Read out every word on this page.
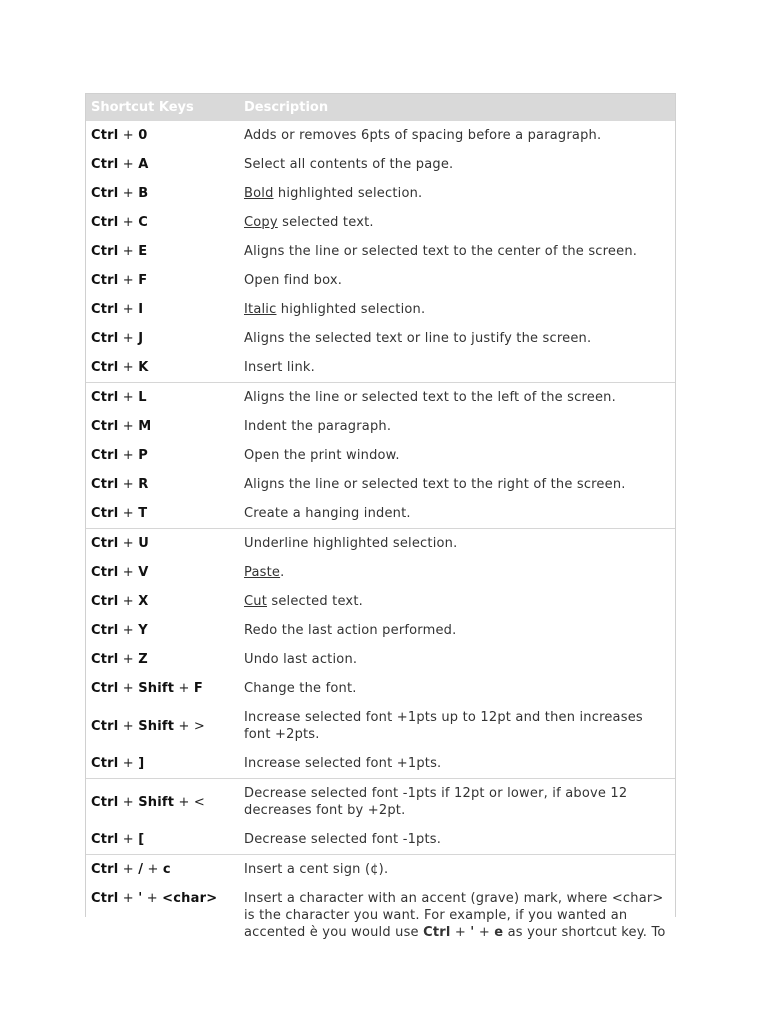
Shortcut Keys	Description
Ctrl + 0	Adds or removes 6pts of spacing before a paragraph.
Ctrl + A	Select all contents of the page.
Ctrl + B	Bold highlighted selection.
Ctrl + C	Copy selected text.
Ctrl + E	Aligns the line or selected text to the center of the screen.
Ctrl + F	Open find box.
Ctrl + I	Italic highlighted selection.
Ctrl + J	Aligns the selected text or line to justify the screen.
Ctrl + K	Insert link.
Ctrl + L	Aligns the line or selected text to the left of the screen.
Ctrl + M	Indent the paragraph.
Ctrl + P	Open the print window.
Ctrl + R	Aligns the line or selected text to the right of the screen.
Ctrl + T	Create a hanging indent.
Ctrl + U	Underline highlighted selection.
Ctrl + V	Paste.
Ctrl + X	Cut selected text.
Ctrl + Y	Redo the last action performed.
Ctrl + Z	Undo last action.
Ctrl + Shift + F	Change the font.
Ctrl + Shift + >	Increase selected font +1pts up to 12pt and then increases font +2pts.
Ctrl + ]	Increase selected font +1pts.
Ctrl + Shift + <	Decrease selected font -1pts if 12pt or lower, if above 12 decreases font by +2pt.
Ctrl + [	Decrease selected font -1pts.
Ctrl + / + c	Insert a cent sign (¢).
Ctrl + ' + <char>	Insert a character with an accent (grave) mark, where <char> is the character you want. For example, if you wanted an accented è you would use Ctrl + ' + e as your shortcut key. To
